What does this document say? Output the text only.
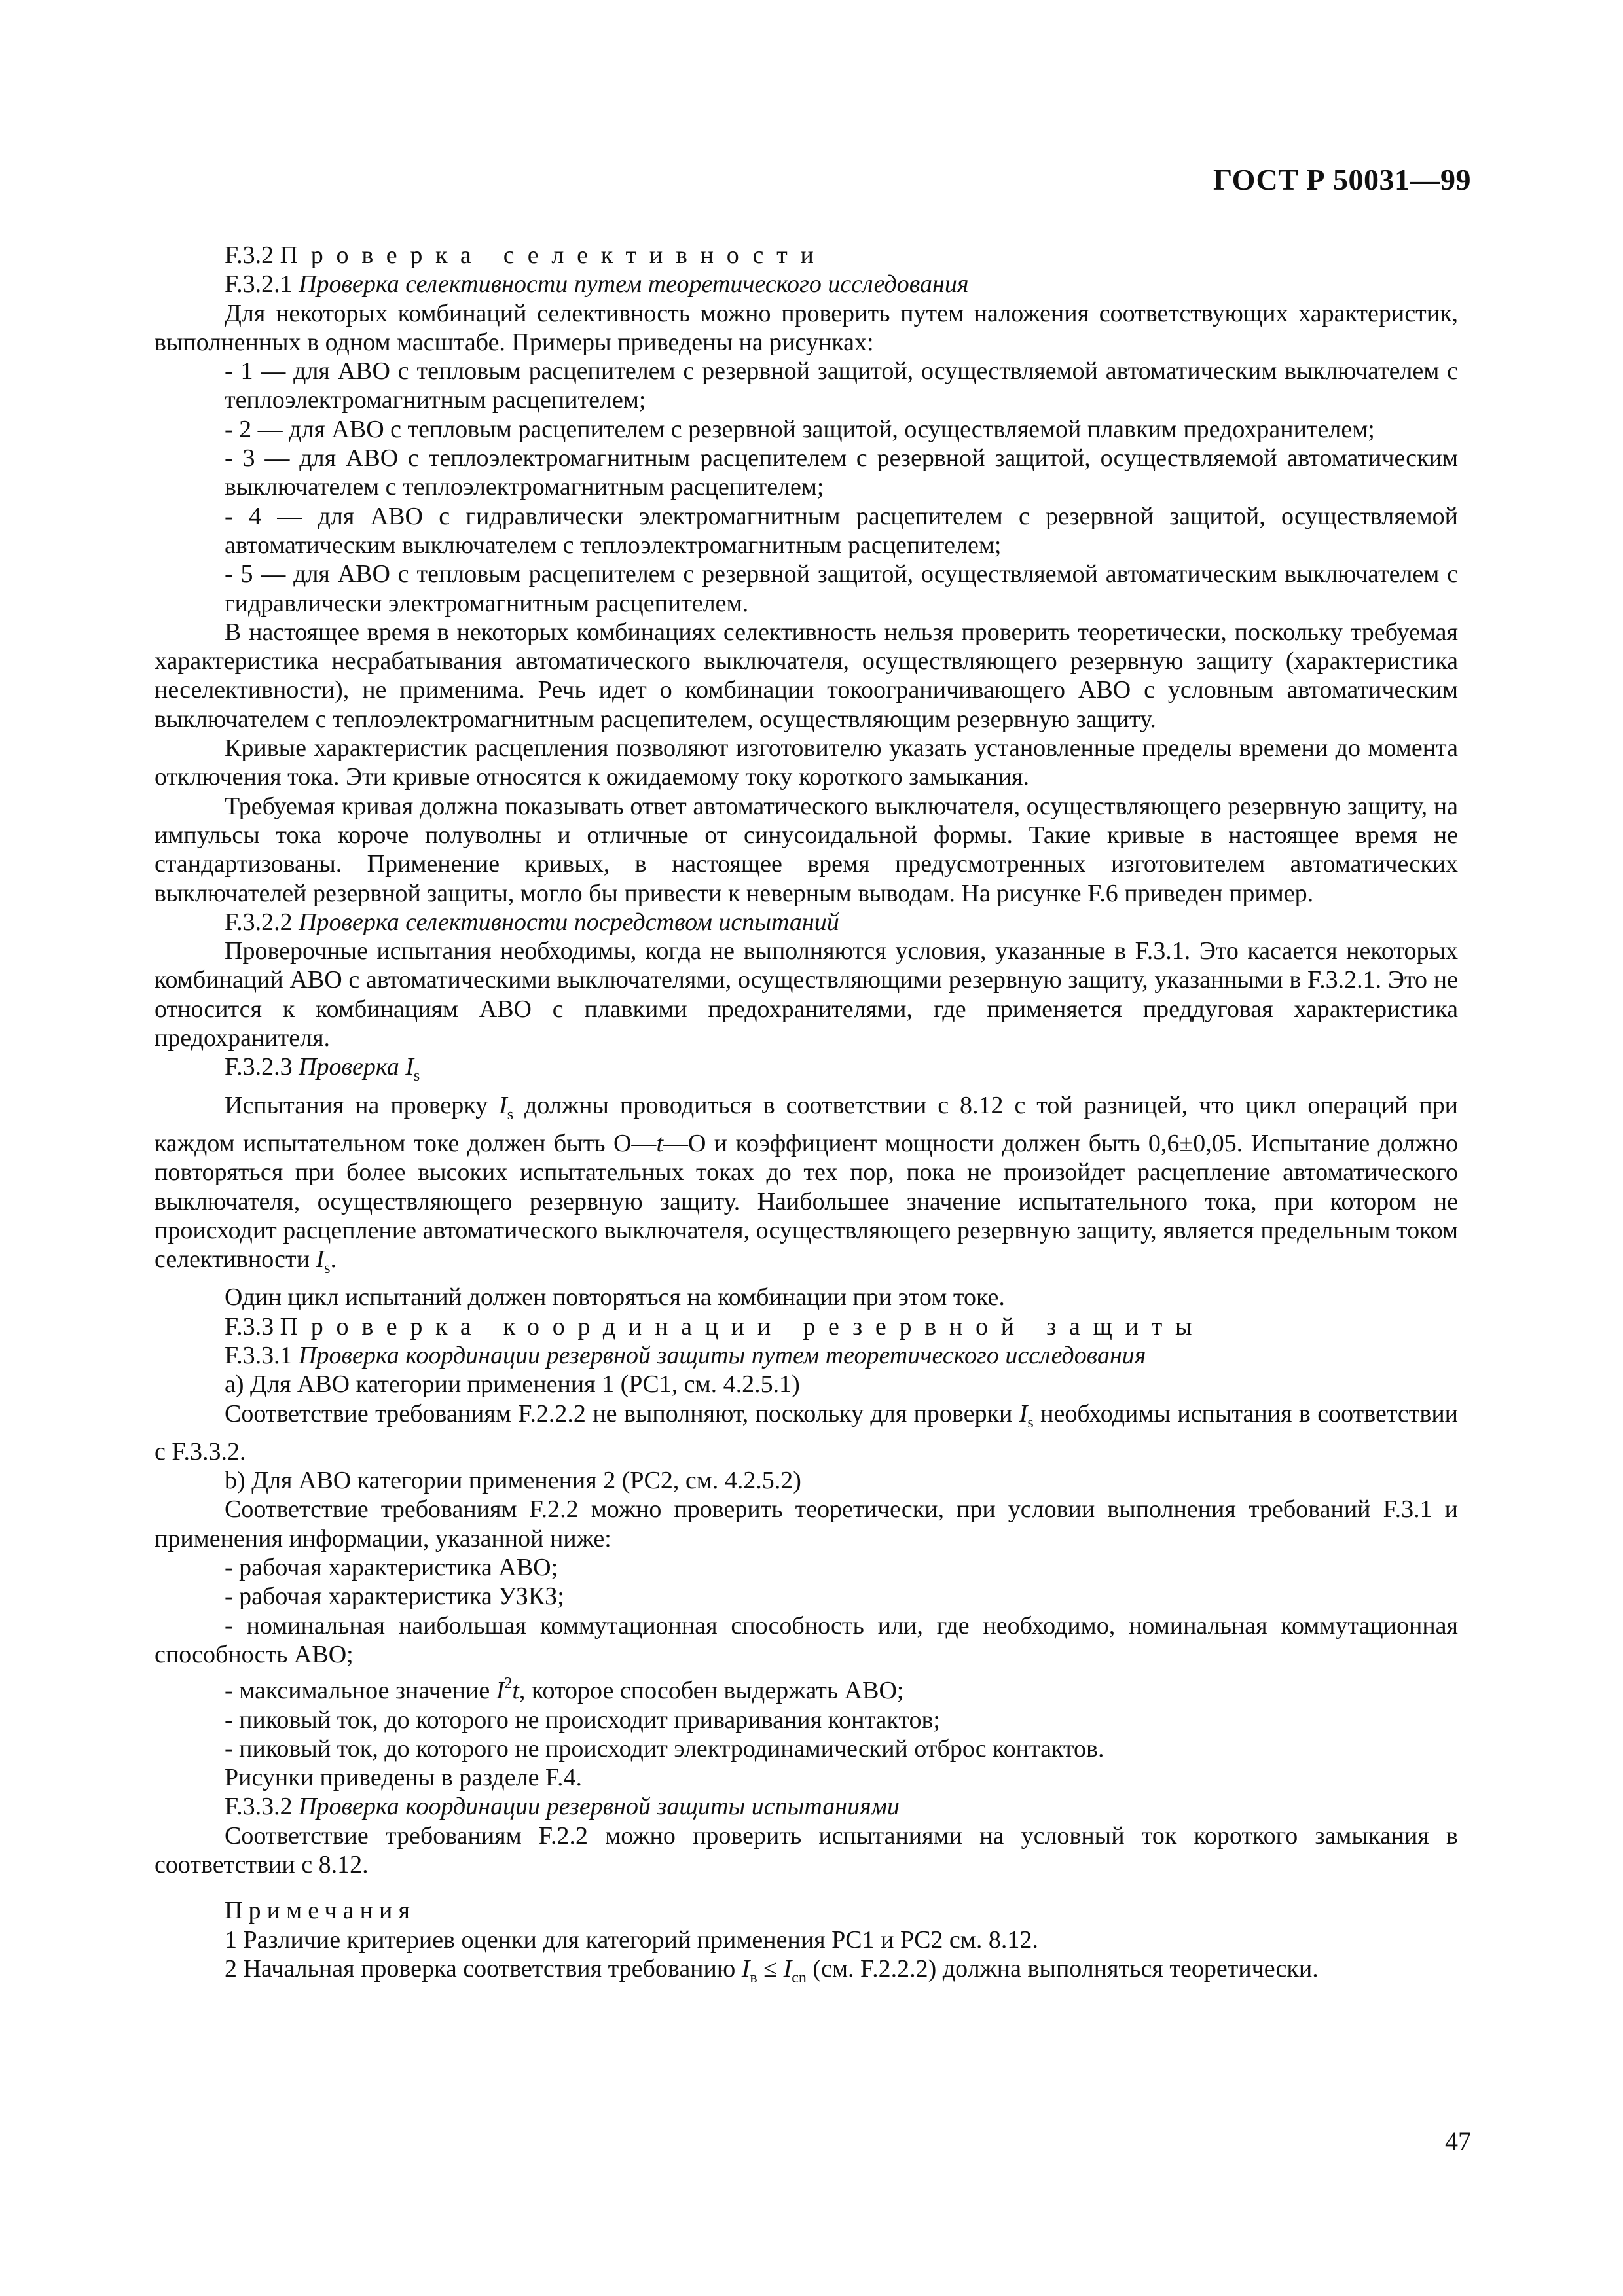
ГОСТ Р 50031—99

F.3.2 Проверка селективности

F.3.2.1 Проверка селективности путем теоретического исследования

Для некоторых комбинаций селективность можно проверить путем наложения соответствующих характеристик, выполненных в одном масштабе. Примеры приведены на рисунках:

- 1 — для АВО с тепловым расцепителем с резервной защитой, осуществляемой автоматическим выключателем с теплоэлектромагнитным расцепителем;

- 2 — для АВО с тепловым расцепителем с резервной защитой, осуществляемой плавким предохранителем;

- 3 — для АВО с теплоэлектромагнитным расцепителем с резервной защитой, осуществляемой автоматическим выключателем с теплоэлектромагнитным расцепителем;

- 4 — для АВО с гидравлически электромагнитным расцепителем с резервной защитой, осуществляемой автоматическим выключателем с теплоэлектромагнитным расцепителем;

- 5 — для АВО с тепловым расцепителем с резервной защитой, осуществляемой автоматическим выключателем с гидравлически электромагнитным расцепителем.

В настоящее время в некоторых комбинациях селективность нельзя проверить теоретически, поскольку требуемая характеристика несрабатывания автоматического выключателя, осуществляющего резервную защиту (характеристика неселективности), не применима. Речь идет о комбинации токоограничивающего АВО с условным автоматическим выключателем с теплоэлектромагнитным расцепителем, осуществляющим резервную защиту.

Кривые характеристик расцепления позволяют изготовителю указать установленные пределы времени до момента отключения тока. Эти кривые относятся к ожидаемому току короткого замыкания.

Требуемая кривая должна показывать ответ автоматического выключателя, осуществляющего резервную защиту, на импульсы тока короче полуволны и отличные от синусоидальной формы. Такие кривые в настоящее время не стандартизованы. Применение кривых, в настоящее время предусмотренных изготовителем автоматических выключателей резервной защиты, могло бы привести к неверным выводам. На рисунке F.6 приведен пример.

F.3.2.2 Проверка селективности посредством испытаний

Проверочные испытания необходимы, когда не выполняются условия, указанные в F.3.1. Это касается некоторых комбинаций АВО с автоматическими выключателями, осуществляющими резервную защиту, указанными в F.3.2.1. Это не относится к комбинациям АВО с плавкими предохранителями, где применяется преддуговая характеристика предохранителя.

F.3.2.3 Проверка $I_s$

Испытания на проверку $I_s$ должны проводиться в соответствии с 8.12 с той разницей, что цикл операций при каждом испытательном токе должен быть O—t—O и коэффициент мощности должен быть 0,6±0,05. Испытание должно повторяться при более высоких испытательных токах до тех пор, пока не произойдет расцепление автоматического выключателя, осуществляющего резервную защиту. Наибольшее значение испытательного тока, при котором не происходит расцепление автоматического выключателя, осуществляющего резервную защиту, является предельным током селективности $I_s$.

Один цикл испытаний должен повторяться на комбинации при этом токе.

F.3.3 Проверка координации резервной защиты

F.3.3.1 Проверка координации резервной защиты путем теоретического исследования

а) Для АВО категории применения 1 (PC1, см. 4.2.5.1)

Соответствие требованиям F.2.2.2 не выполняют, поскольку для проверки $I_s$ необходимы испытания в соответствии с F.3.3.2.

b) Для АВО категории применения 2 (PC2, см. 4.2.5.2)

Соответствие требованиям F.2.2 можно проверить теоретически, при условии выполнения требований F.3.1 и применения информации, указанной ниже:

- рабочая характеристика АВО;

- рабочая характеристика УЗКЗ;

- номинальная наибольшая коммутационная способность или, где необходимо, номинальная коммутационная способность АВО;

- максимальное значение $I^2t$, которое способен выдержать АВО;

- пиковый ток, до которого не происходит приваривания контактов;

- пиковый ток, до которого не происходит электродинамический отброс контактов.

Рисунки приведены в разделе F.4.

F.3.3.2 Проверка координации резервной защиты испытаниями

Соответствие требованиям F.2.2 можно проверить испытаниями на условный ток короткого замыкания в соответствии с 8.12.

Примечания

1 Различие критериев оценки для категорий применения PC1 и PC2 см. 8.12.

2 Начальная проверка соответствия требованию $I_в \le I_{cn}$ (см. F.2.2.2) должна выполняться теоретически.

47
